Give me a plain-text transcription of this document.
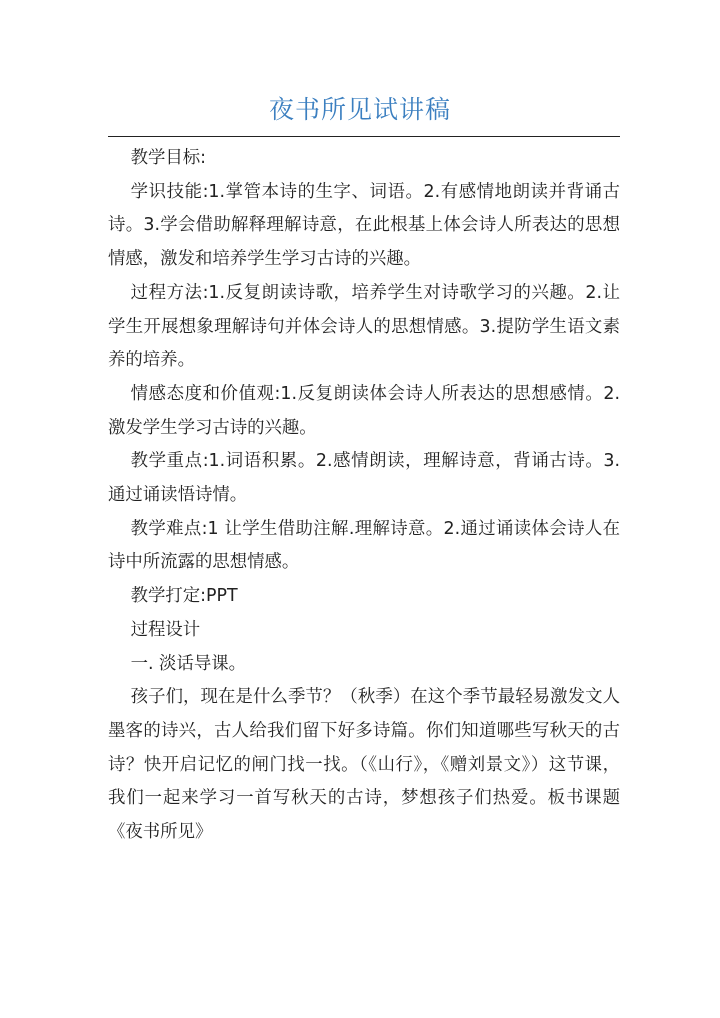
夜书所见试讲稿

教学目标:

学识技能:1.掌管本诗的生字、词语。2.有感情地朗读并背诵古诗。3.学会借助解释理解诗意，在此根基上体会诗人所表达的思想情感，激发和培养学生学习古诗的兴趣。

过程方法:1.反复朗读诗歌，培养学生对诗歌学习的兴趣。2.让学生开展想象理解诗句并体会诗人的思想情感。3.提防学生语文素养的培养。

情感态度和价值观:1.反复朗读体会诗人所表达的思想感情。2.激发学生学习古诗的兴趣。

教学重点:1.词语积累。2.感情朗读，理解诗意，背诵古诗。3.通过诵读悟诗情。

教学难点:1 让学生借助注解.理解诗意。2.通过诵读体会诗人在诗中所流露的思想情感。

教学打定:PPT

过程设计

一. 淡话导课。

孩子们，现在是什么季节？（秋季）在这个季节最轻易激发文人墨客的诗兴，古人给我们留下好多诗篇。你们知道哪些写秋天的古诗？快开启记忆的闸门找一找。（《山行》，《赠刘景文》）这节课，我们一起来学习一首写秋天的古诗，梦想孩子们热爱。板书课题《夜书所见》
